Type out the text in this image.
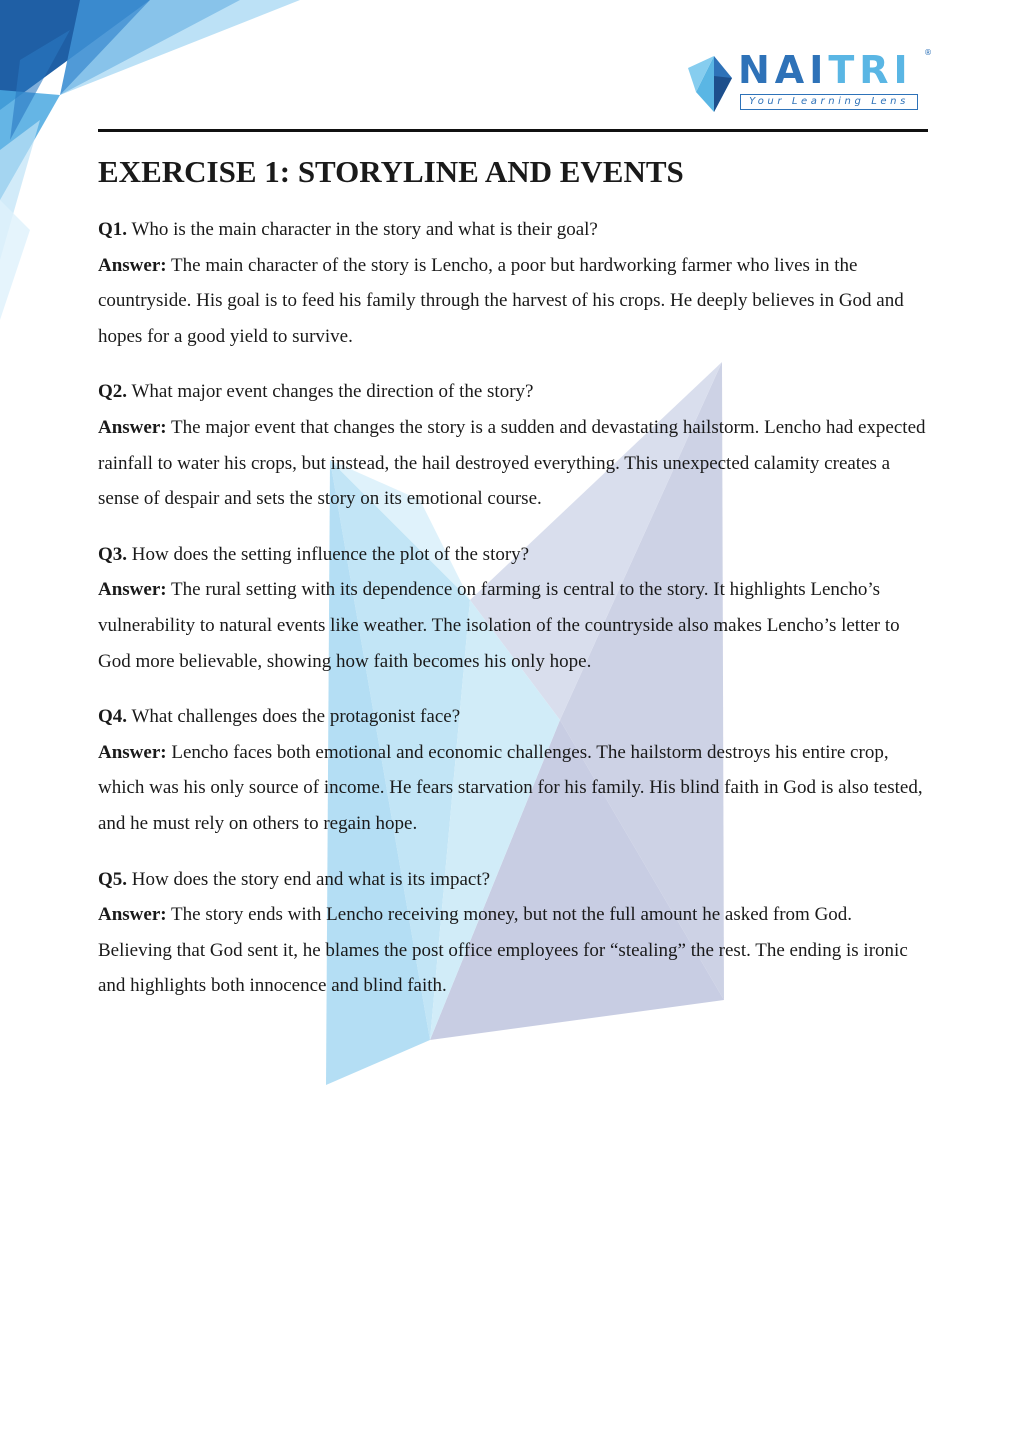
NAITRI ®
Your Learning Lens
EXERCISE 1: STORYLINE AND EVENTS

Q1. Who is the main character in the story and what is their goal?

Answer: The main character of the story is Lencho, a poor but hardworking farmer who lives in the countryside. His goal is to feed his family through the harvest of his crops. He deeply believes in God and hopes for a good yield to survive.

Q2. What major event changes the direction of the story?

Answer: The major event that changes the story is a sudden and devastating hailstorm. Lencho had expected rainfall to water his crops, but instead, the hail destroyed everything. This unexpected calamity creates a sense of despair and sets the story on its emotional course.

Q3. How does the setting influence the plot of the story?

Answer: The rural setting with its dependence on farming is central to the story. It highlights Lencho’s vulnerability to natural events like weather. The isolation of the countryside also makes Lencho’s letter to God more believable, showing how faith becomes his only hope.

Q4. What challenges does the protagonist face?

Answer: Lencho faces both emotional and economic challenges. The hailstorm destroys his entire crop, which was his only source of income. He fears starvation for his family. His blind faith in God is also tested, and he must rely on others to regain hope.

Q5. How does the story end and what is its impact?

Answer: The story ends with Lencho receiving money, but not the full amount he asked from God. Believing that God sent it, he blames the post office employees for “stealing” the rest. The ending is ironic and highlights both innocence and blind faith.
